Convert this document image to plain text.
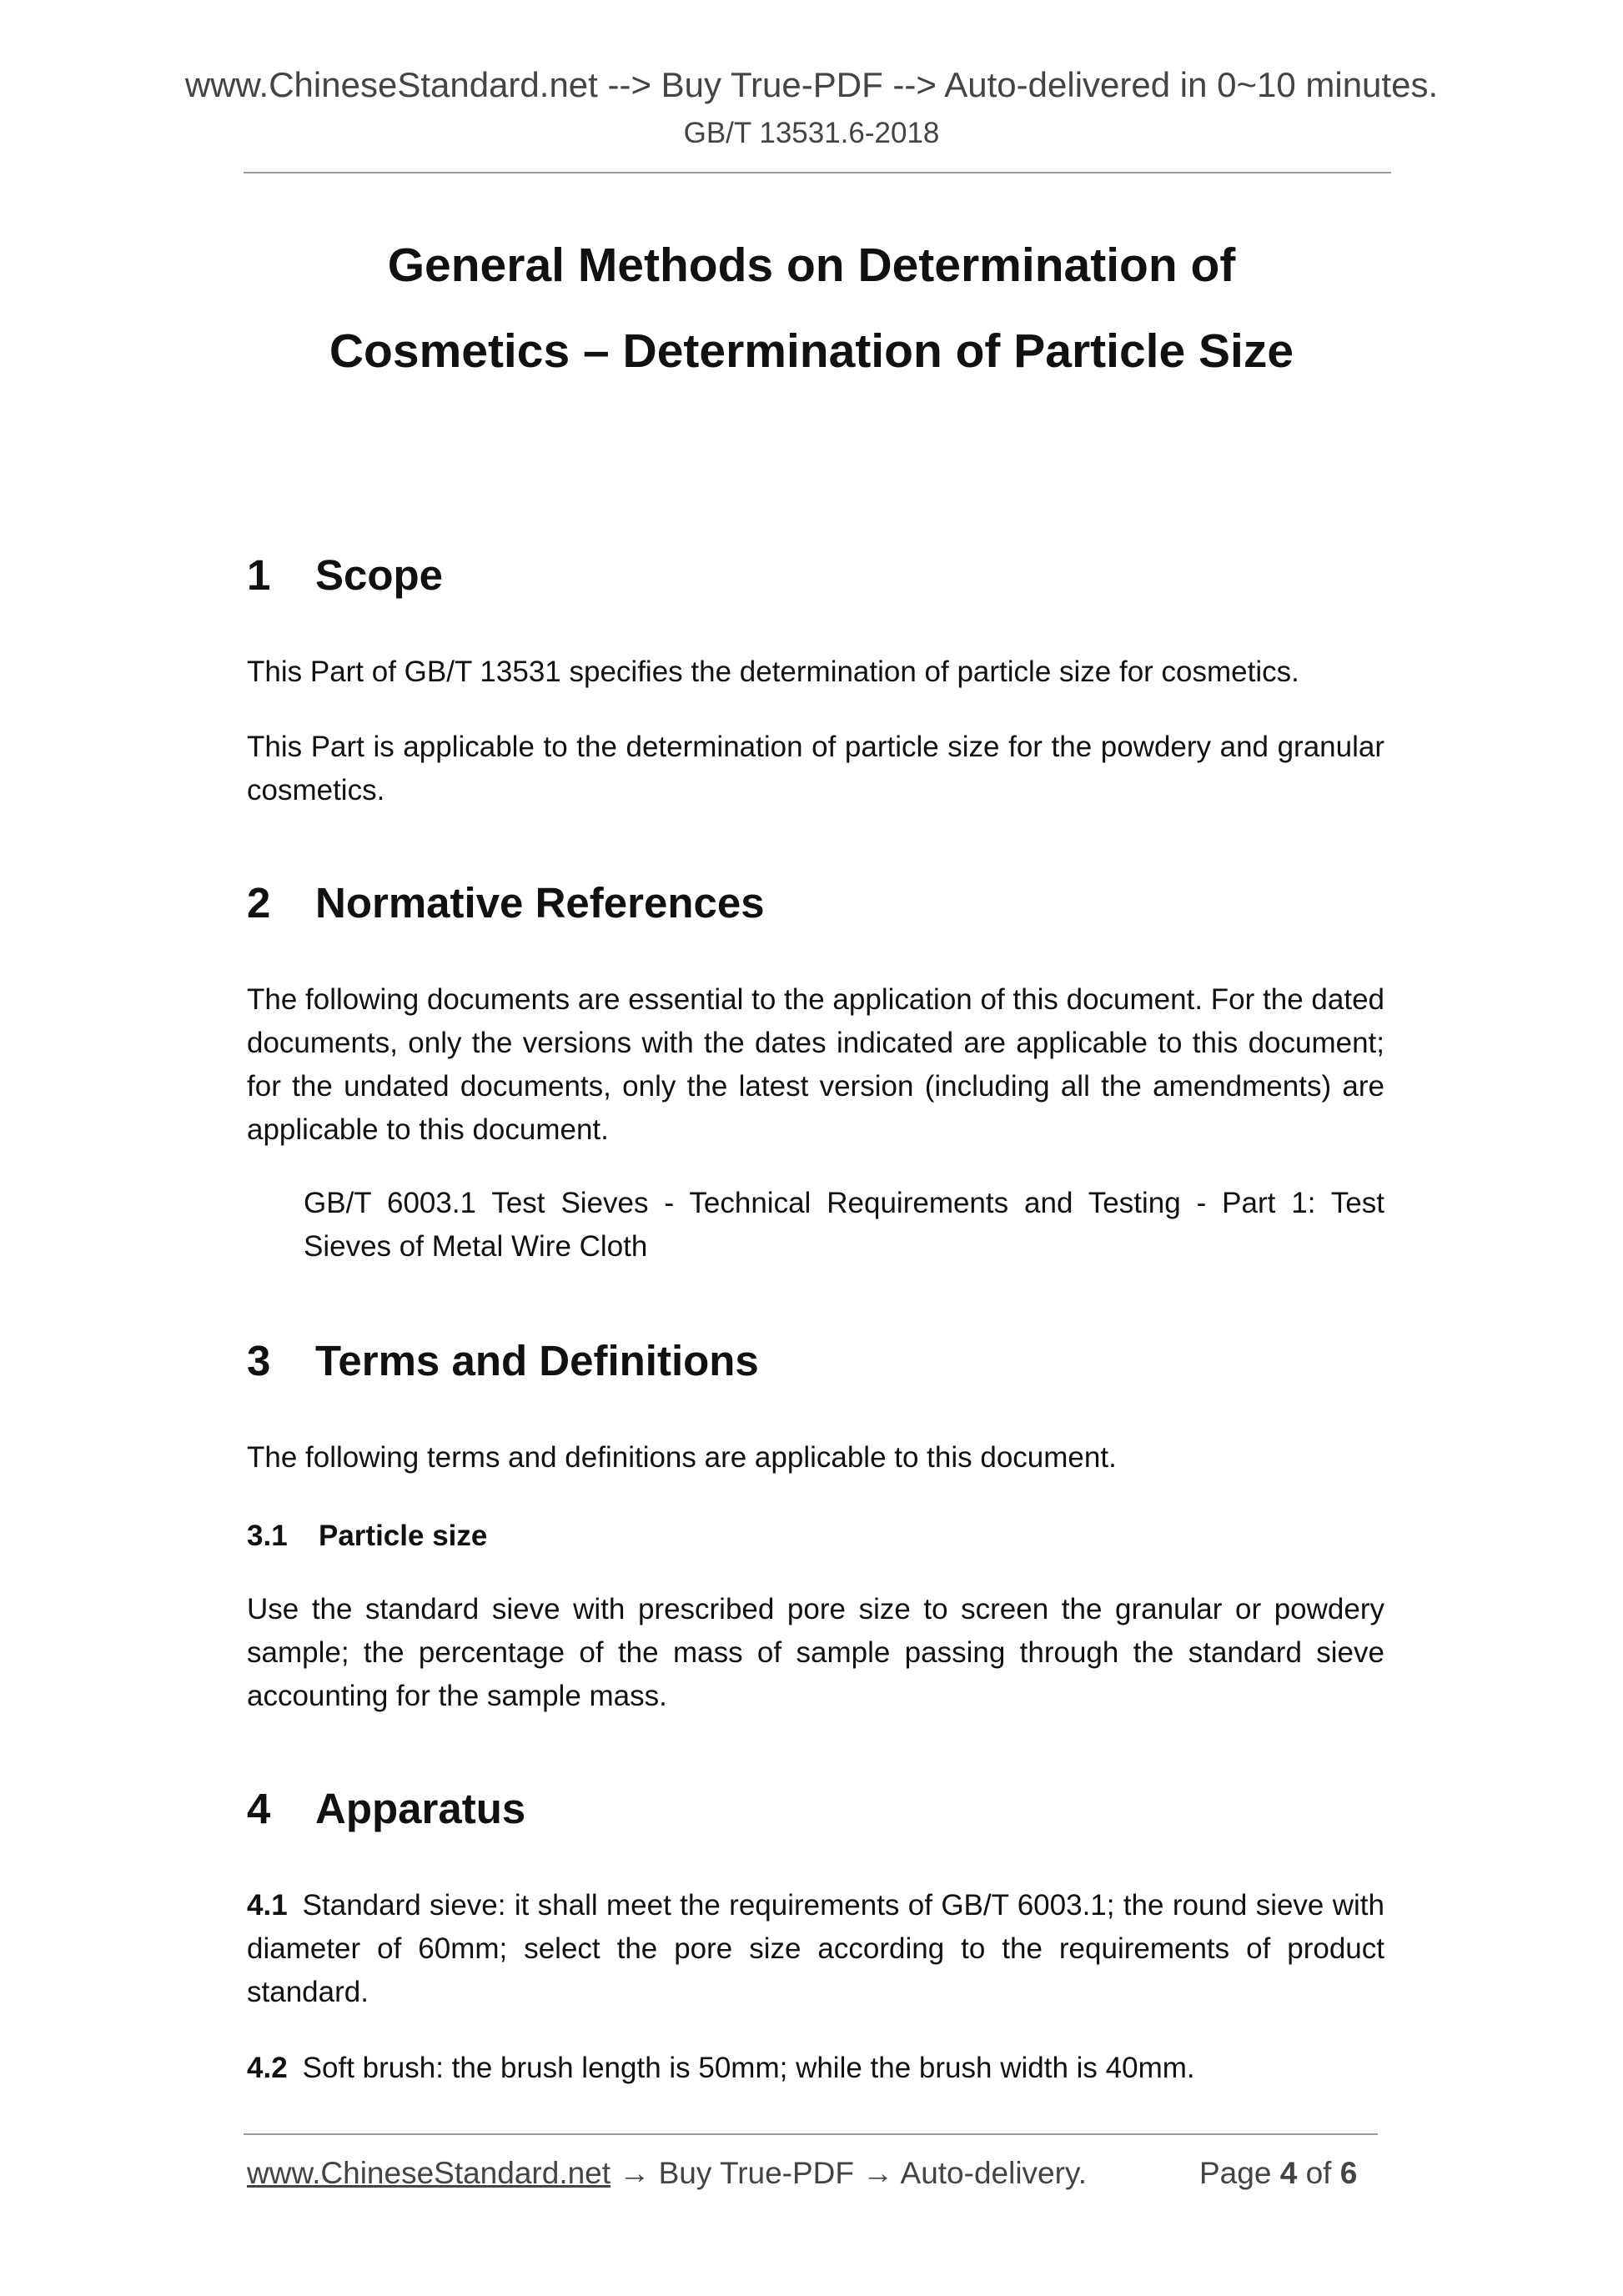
www.ChineseStandard.net --> Buy True-PDF --> Auto-delivered in 0~10 minutes.
GB/T 13531.6-2018
General Methods on Determination of
Cosmetics – Determination of Particle Size
1 Scope
This Part of GB/T 13531 specifies the determination of particle size for cosmetics.
This Part is applicable to the determination of particle size for the powdery and granular cosmetics.
2 Normative References
The following documents are essential to the application of this document. For the dated documents, only the versions with the dates indicated are applicable to this document; for the undated documents, only the latest version (including all the amendments) are applicable to this document.
GB/T 6003.1 Test Sieves - Technical Requirements and Testing - Part 1: Test Sieves of Metal Wire Cloth
3 Terms and Definitions
The following terms and definitions are applicable to this document.
3.1 Particle size
Use the standard sieve with prescribed pore size to screen the granular or powdery sample; the percentage of the mass of sample passing through the standard sieve accounting for the sample mass.
4 Apparatus
4.1 Standard sieve: it shall meet the requirements of GB/T 6003.1; the round sieve with diameter of 60mm; select the pore size according to the requirements of product standard.
4.2 Soft brush: the brush length is 50mm; while the brush width is 40mm.
www.ChineseStandard.net → Buy True-PDF → Auto-delivery.	Page 4 of 6
